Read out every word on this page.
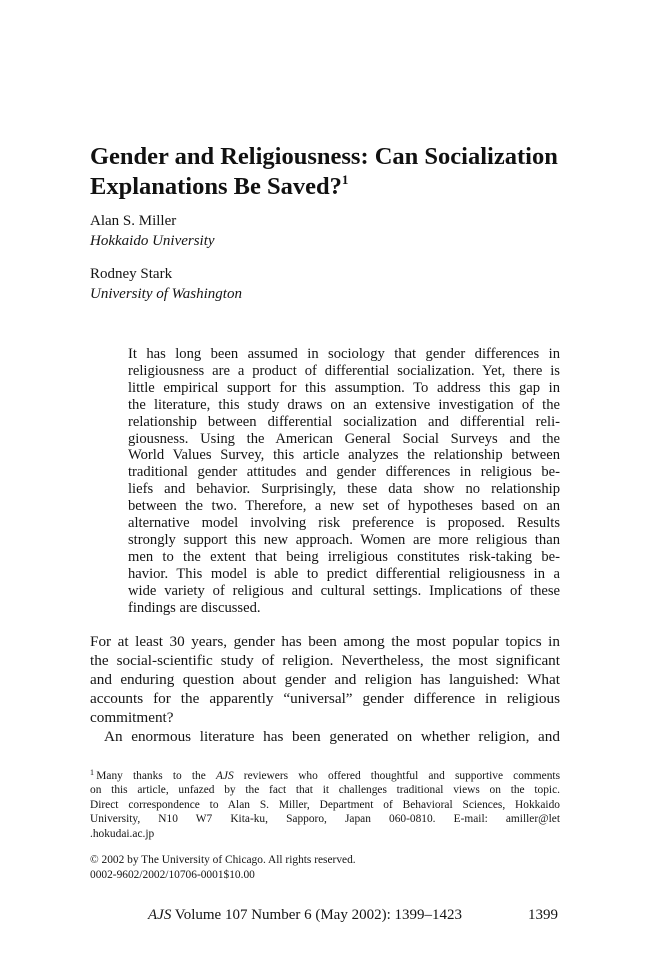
Gender and Religiousness: Can Socialization
Explanations Be Saved?$^1$
Alan S. Miller
Hokkaido University
Rodney Stark
University of Washington
It has long been assumed in sociology that gender differences in
religiousness are a product of differential socialization. Yet, there is
little empirical support for this assumption. To address this gap in
the literature, this study draws on an extensive investigation of the
relationship between differential socialization and differential reli-
giousness. Using the American General Social Surveys and the
World Values Survey, this article analyzes the relationship between
traditional gender attitudes and gender differences in religious be-
liefs and behavior. Surprisingly, these data show no relationship
between the two. Therefore, a new set of hypotheses based on an
alternative model involving risk preference is proposed. Results
strongly support this new approach. Women are more religious than
men to the extent that being irreligious constitutes risk-taking be-
havior. This model is able to predict differential religiousness in a
wide variety of religious and cultural settings. Implications of these
findings are discussed.
For at least 30 years, gender has been among the most popular topics in
the social-scientific study of religion. Nevertheless, the most significant
and enduring question about gender and religion has languished: What
accounts for the apparently “universal” gender difference in religious
commitment?
An enormous literature has been generated on whether religion, and
$^1$  Many thanks to the AJS reviewers who offered thoughtful and supportive comments
on this article, unfazed by the fact that it challenges traditional views on the topic.
Direct correspondence to Alan S. Miller, Department of Behavioral Sciences, Hokkaido
University, N10 W7 Kita-ku, Sapporo, Japan 060-0810. E-mail: amiller@let
.hokudai.ac.jp
© 2002 by The University of Chicago. All rights reserved.
0002-9602/2002/10706-0001$10.00
AJS Volume 107 Number 6 (May 2002): 1399–1423	1399
